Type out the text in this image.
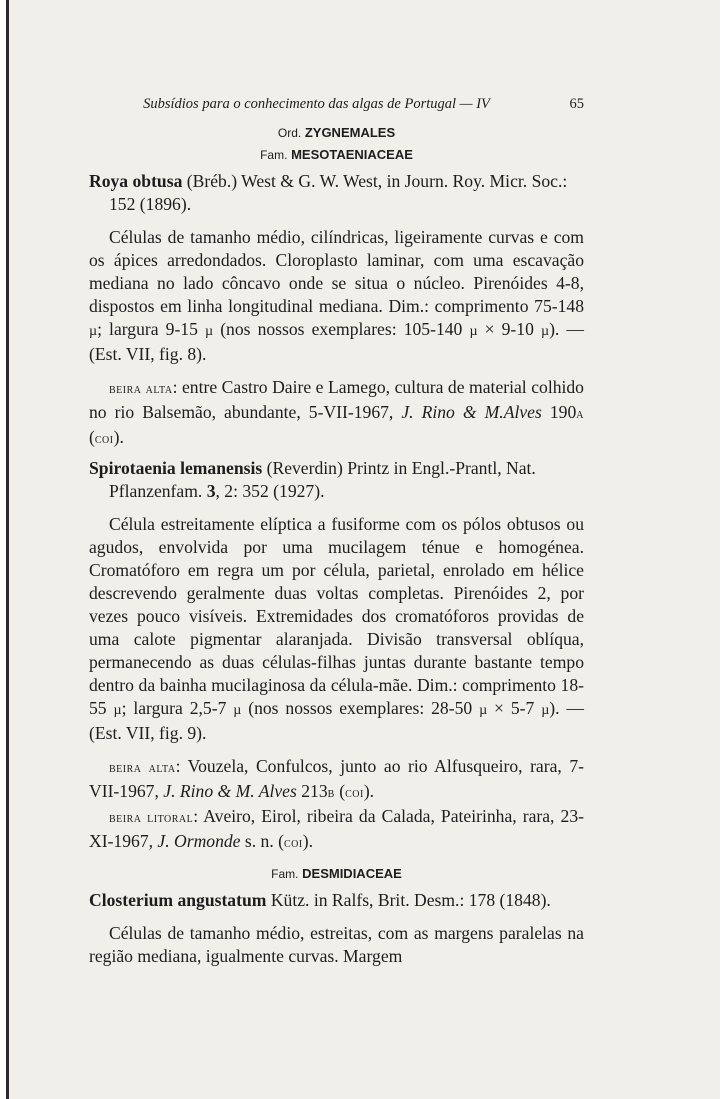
Subsídios para o conhecimento das algas de Portugal — IV	65
Ord. ZYGNEMALES
Fam. MESOTAENIACEAE

Roya obtusa (Bréb.) West & G. W. West, in Journ. Roy. Micr. Soc.: 152 (1896).

Células de tamanho médio, cilíndricas, ligeiramente curvas e com os ápices arredondados. Cloroplasto laminar, com uma escavação mediana no lado côncavo onde se situa o núcleo. Pirenóides 4-8, dispostos em linha longitudinal mediana. Dim.: comprimento 75-148 µ; largura 9-15 µ (nos nossos exemplares: 105-140 µ × 9-10 µ). — (Est. VII, fig. 8).

beira alta: entre Castro Daire e Lamego, cultura de material colhido no rio Balsemão, abundante, 5-VII-1967, J. Rino & M.Alves 190a (coi).

Spirotaenia lemanensis (Reverdin) Printz in Engl.-Prantl, Nat. Pflanzenfam. 3, 2: 352 (1927).

Célula estreitamente elíptica a fusiforme com os pólos obtusos ou agudos, envolvida por uma mucilagem ténue e homogénea. Cromatóforo em regra um por célula, parietal, enrolado em hélice descrevendo geralmente duas voltas completas. Pirenóides 2, por vezes pouco visíveis. Extremidades dos cromatóforos providas de uma calote pigmentar alaranjada. Divisão transversal oblíqua, permanecendo as duas células-filhas juntas durante bastante tempo dentro da bainha mucilaginosa da célula-mãe. Dim.: comprimento 18-55 µ; largura 2,5-7 µ (nos nossos exemplares: 28-50 µ × 5-7 µ). — (Est. VII, fig. 9).

beira alta: Vouzela, Confulcos, junto ao rio Alfusqueiro, rara, 7-VII-1967, J. Rino & M. Alves 213b (coi).

beira litoral: Aveiro, Eirol, ribeira da Calada, Pateirinha, rara, 23-XI-1967, J. Ormonde s. n. (coi).

Fam. DESMIDIACEAE

Closterium angustatum Kütz. in Ralfs, Brit. Desm.: 178 (1848).

Células de tamanho médio, estreitas, com as margens paralelas na região mediana, igualmente curvas. Margem
